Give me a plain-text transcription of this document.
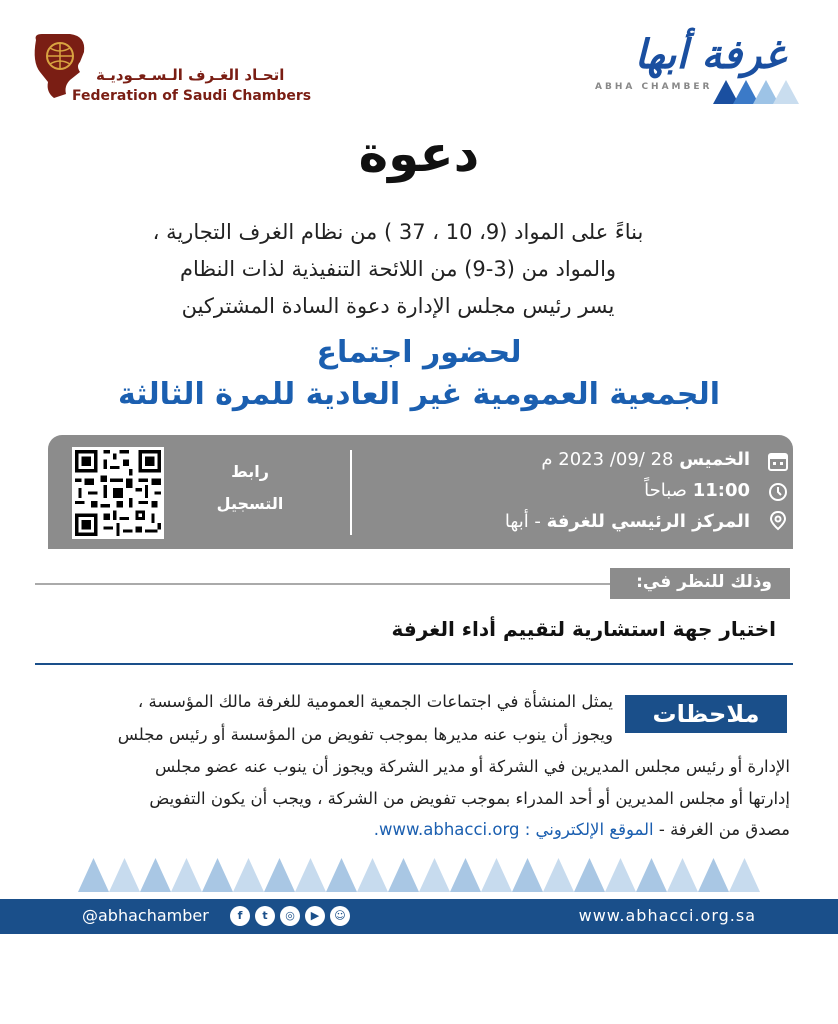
اتحـاد الغـرف الـسـعـوديـة
Federation of Saudi Chambers
غرفة أبها
ABHA CHAMBER
دعوة
بناءً على المواد (9، 10 ، 37 ) من نظام الغرف التجارية ،
والمواد من (3-9) من اللائحة التنفيذية لذات النظام
يسر رئيس مجلس الإدارة دعوة السادة المشتركين
لحضور اجتماع
الجمعية العمومية غير العادية للمرة الثالثة
الخميس 28 /09/ 2023 م
11:00 صباحاً
المركز الرئيسي للغرفة - أبها
رابط
التسجيل
وذلك للنظر في:
اختيار جهة استشارية لتقييم أداء الغرفة
ملاحظات
يمثل المنشأة في اجتماعات الجمعية العمومية للغرفة مالك المؤسسة ،
ويجوز أن ينوب عنه مديرها بموجب تفويض من المؤسسة أو رئيس مجلس
الإدارة أو رئيس مجلس المديرين في الشركة أو مدير الشركة ويجوز أن ينوب عنه عضو مجلس
إدارتها أو مجلس المديرين أو أحد المدراء بموجب تفويض من الشركة ، ويجب أن يكون التفويض
مصدق من الغرفة - الموقع الإلكتروني : www.abhacci.org.
@abhachamber	f	t	◎	▶	☺	www.abhacci.org.sa
